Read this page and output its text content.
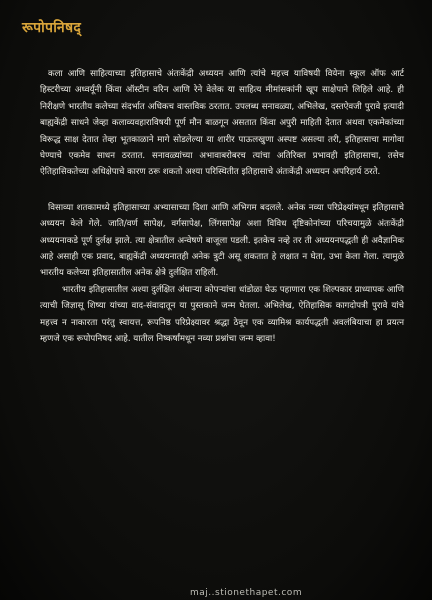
रूपोपनिषद्

कला आणि साहित्याच्या इतिहासाचे अंतःकेंद्री अध्ययन आणि त्यांचे महत्त्व याविषयी वियेना स्कूल ऑफ आर्ट हिस्टरीच्या अध्वर्यूंनी किंवा ऑस्टीन वरिन आणि रेने वेलेक या साहित्य मीमांसकांनी खूप साक्षेपाने लिहिले आहे. ही निरीक्षणे भारतीय कलेच्या संदर्भात अधिकच वास्तविक ठरतात. उपलब्ध सनावळ्या, अभिलेख, दस्तऐवजी पुरावे इत्यादी बाह्यकेंद्री साधने जेव्हा कलाव्यवहाराविषयी पूर्ण मौन बाळगून असतात किंवा अपुरी माहिती देतात अथवा एकमेकांच्या विरूद्ध साक्ष देतात तेव्हा भूतकाळाने मागे सोडलेल्या या शारीर पाऊलखुणा अस्पष्ट असल्या तरी, इतिहासाचा मागोवा घेण्याचे एकमेव साधन ठरतात. सनावळ्यांच्या अभावाबरोबरच त्यांचा अतिरिक्त प्रभावही इतिहासाचा, तसेच ऐतिहासिकतेच्या अधिक्षेपाचे कारण ठरू शकतो अश्या परिस्थितीत इतिहासाचे अंतःकेंद्री अध्ययन अपरिहार्य ठरते.

विसाव्या शतकामध्ये इतिहासाच्या अभ्यासाच्या दिशा आणि अभिगम बदलले. अनेक नव्या परिप्रेक्ष्यांमधून इतिहासाचे अध्ययन केले गेले. जाति/वर्ण सापेक्ष, वर्गसापेक्ष, लिंगसापेक्ष अशा विविध दृष्टिकोनांच्या परिचयामुळे अंतःकेंद्री अध्ययनाकडे पूर्ण दुर्लक्ष झाले. त्या क्षेत्रातील अन्वेषणे बाजूला पडली. इतकेच नव्हे तर ती अध्ययनपद्धती ही अवैज्ञानिक आहे असाही एक प्रवाद, बाह्यकेंद्री अध्ययनातही अनेक त्रुटी असू शकतात हे लक्षात न घेता, उभा केला गेला. त्यामुळे भारतीय कलेच्या इतिहासातील अनेक क्षेत्रे दुर्लक्षित राहिली.

भारतीय इतिहासातील अश्या दुर्लक्षित अंधाऱ्या कोपऱ्यांचा धांडोळा घेऊ पहाणारा एक शिल्पकार प्राध्यापक आणि त्याची जिज्ञासू शिष्या यांच्या वाद-संवादातून या पुस्तकाने जन्म घेतला. अभिलेख, ऐतिहासिक कागदोपत्री पुरावे यांचे महत्त्व न नाकारता परंतु स्वायत्त, रूपनिष्ठ परिप्रेक्ष्यावर श्रद्धा ठेवून एक व्यामिश्र कार्यपद्धती अवलंबियाचा हा प्रयत्न म्हणजे एक रूपोपनिषद आहे. यातील निष्कर्षांमधून नव्या प्रश्नांचा जन्म व्हावा!

maj..stionethapet.com
